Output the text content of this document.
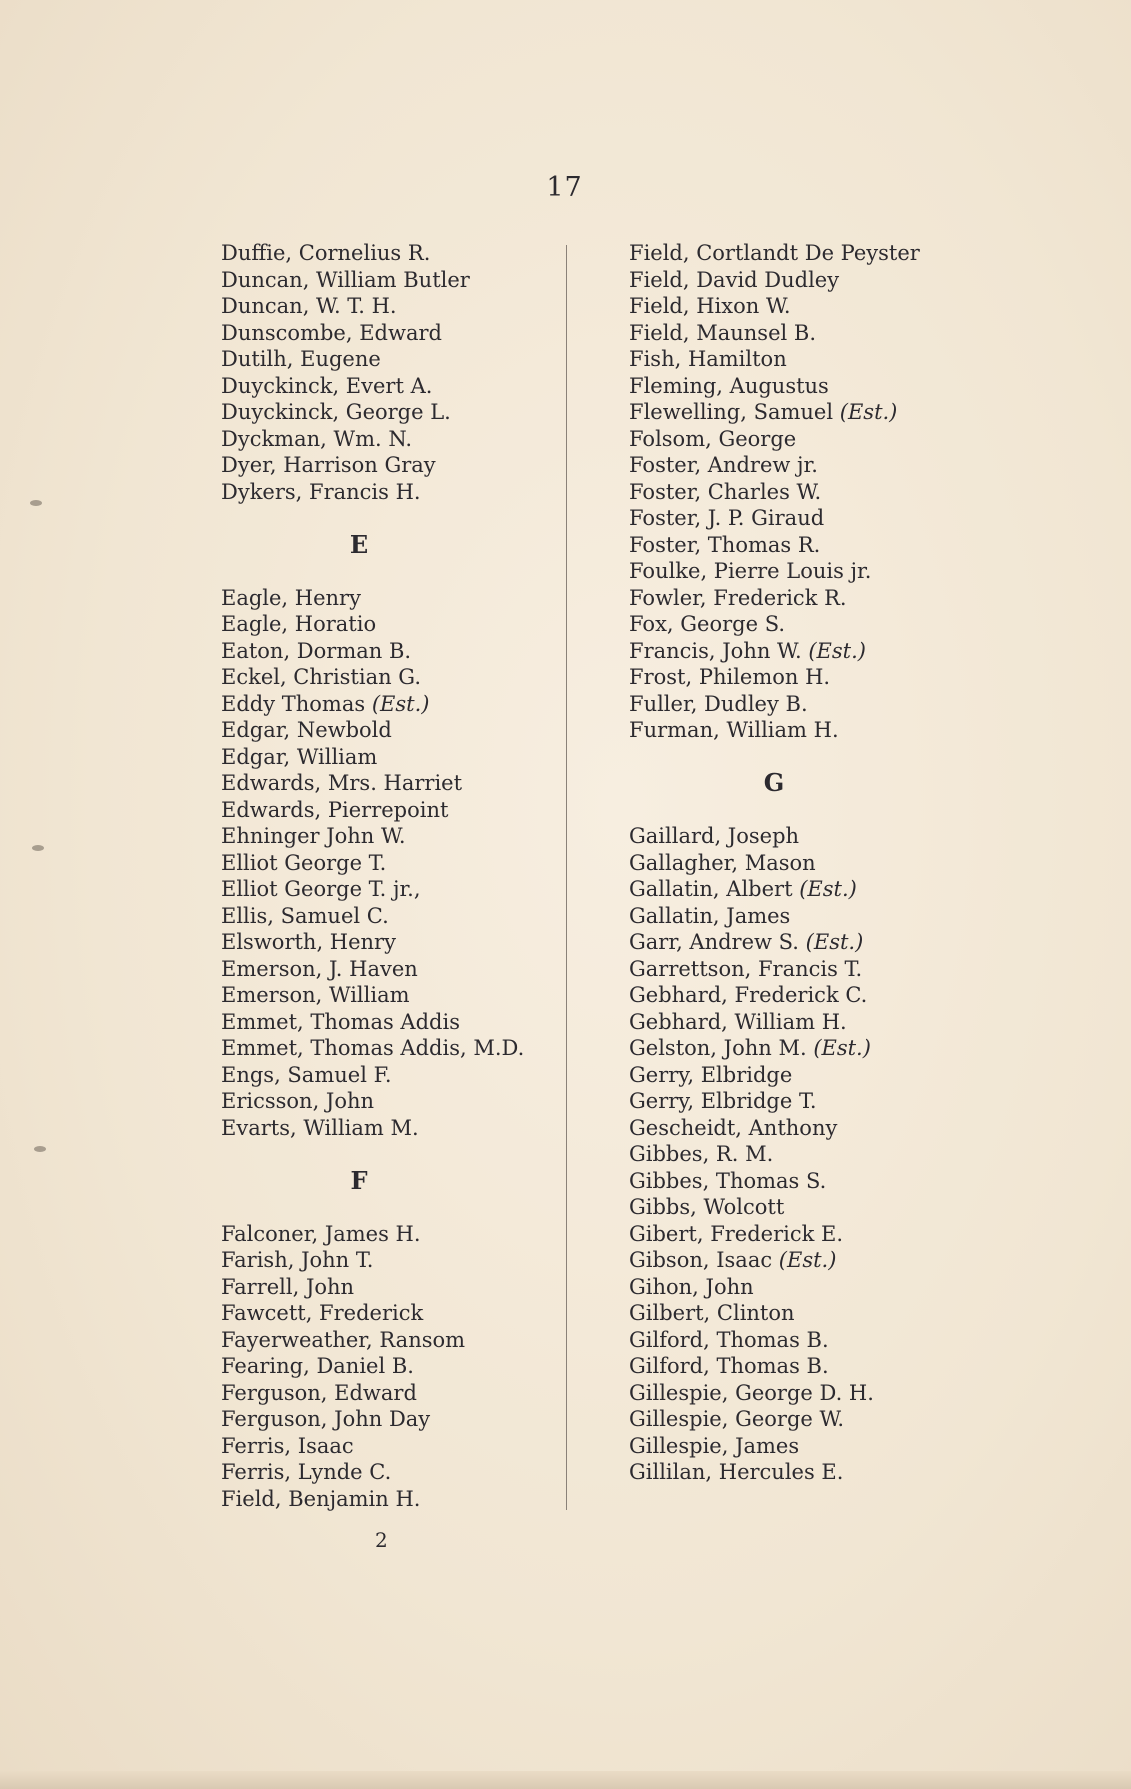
17
Duffie, Cornelius R.
Duncan, William Butler
Duncan, W. T. H.
Dunscombe, Edward
Dutilh, Eugene
Duyckinck, Evert A.
Duyckinck, George L.
Dyckman, Wm. N.
Dyer, Harrison Gray
Dykers, Francis H.
E
Eagle, Henry
Eagle, Horatio
Eaton, Dorman B.
Eckel, Christian G.
Eddy Thomas (Est.)
Edgar, Newbold
Edgar, William
Edwards, Mrs. Harriet
Edwards, Pierrepoint
Ehninger John W.
Elliot George T.
Elliot George T. jr.,
Ellis, Samuel C.
Elsworth, Henry
Emerson, J. Haven
Emerson, William
Emmet, Thomas Addis
Emmet, Thomas Addis, M.D.
Engs, Samuel F.
Ericsson, John
Evarts, William M.
F
Falconer, James H.
Farish, John T.
Farrell, John
Fawcett, Frederick
Fayerweather, Ransom
Fearing, Daniel B.
Ferguson, Edward
Ferguson, John Day
Ferris, Isaac
Ferris, Lynde C.
Field, Benjamin H.
Field, Cortlandt De Peyster
Field, David Dudley
Field, Hixon W.
Field, Maunsel B.
Fish, Hamilton
Fleming, Augustus
Flewelling, Samuel (Est.)
Folsom, George
Foster, Andrew jr.
Foster, Charles W.
Foster, J. P. Giraud
Foster, Thomas R.
Foulke, Pierre Louis jr.
Fowler, Frederick R.
Fox, George S.
Francis, John W. (Est.)
Frost, Philemon H.
Fuller, Dudley B.
Furman, William H.
G
Gaillard, Joseph
Gallagher, Mason
Gallatin, Albert (Est.)
Gallatin, James
Garr, Andrew S. (Est.)
Garrettson, Francis T.
Gebhard, Frederick C.
Gebhard, William H.
Gelston, John M. (Est.)
Gerry, Elbridge
Gerry, Elbridge T.
Gescheidt, Anthony
Gibbes, R. M.
Gibbes, Thomas S.
Gibbs, Wolcott
Gibert, Frederick E.
Gibson, Isaac (Est.)
Gihon, John
Gilbert, Clinton
Gilford, Thomas B.
Gilford, Thomas B.
Gillespie, George D. H.
Gillespie, George W.
Gillespie, James
Gillilan, Hercules E.
2
